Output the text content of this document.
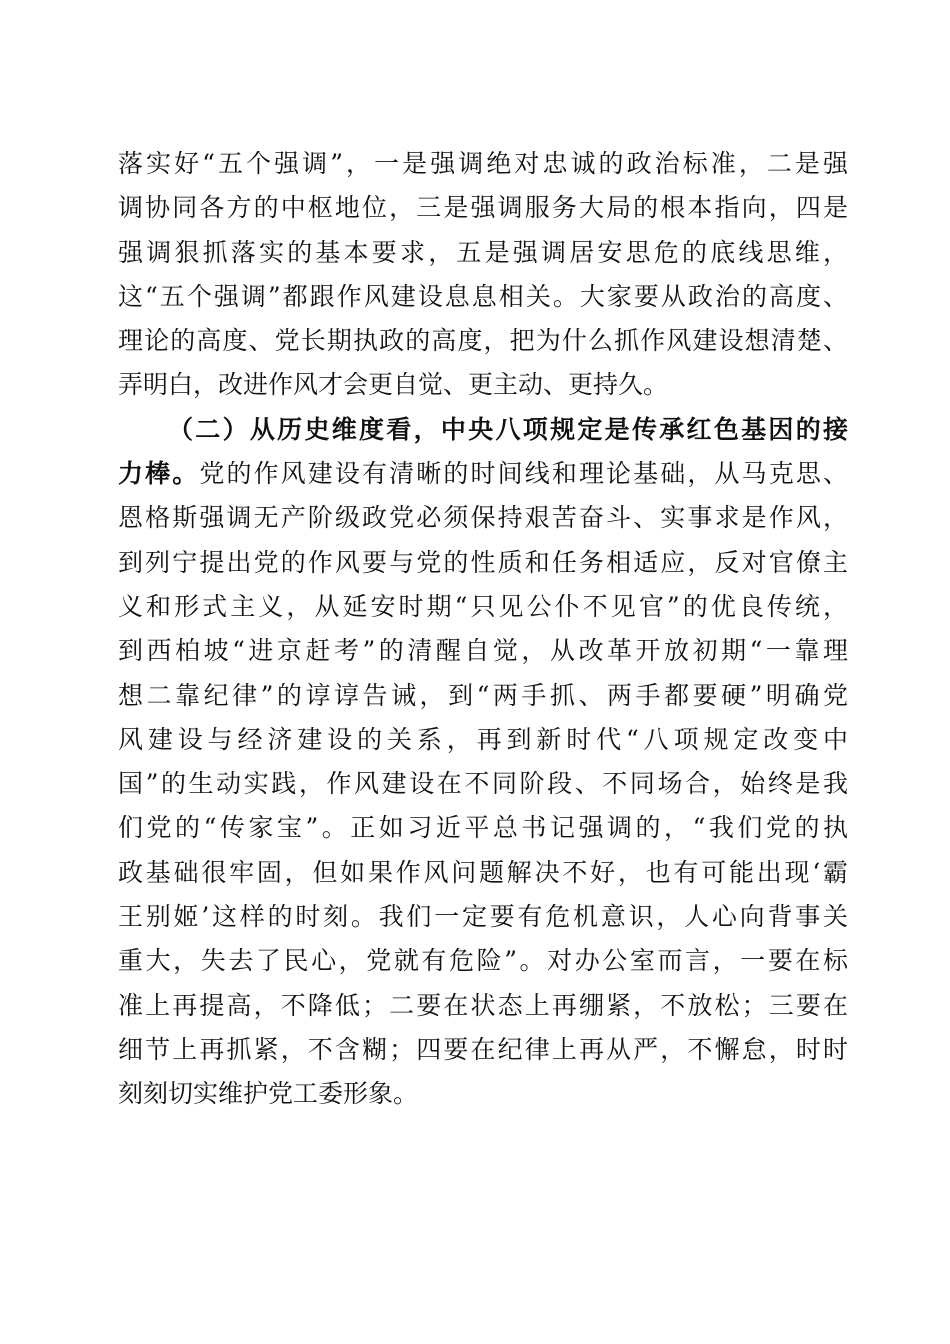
落实好“五个强调”，一是强调绝对忠诚的政治标准，二是强
调协同各方的中枢地位，三是强调服务大局的根本指向，四是
强调狠抓落实的基本要求，五是强调居安思危的底线思维，
这“五个强调”都跟作风建设息息相关。大家要从政治的高度、
理论的高度、党长期执政的高度，把为什么抓作风建设想清楚、
弄明白，改进作风才会更自觉、更主动、更持久。
（二）从历史维度看，中央八项规定是传承红色基因的接
力棒。党的作风建设有清晰的时间线和理论基础，从马克思、
恩格斯强调无产阶级政党必须保持艰苦奋斗、实事求是作风，
到列宁提出党的作风要与党的性质和任务相适应，反对官僚主
义和形式主义，从延安时期“只见公仆不见官”的优良传统，
到西柏坡“进京赶考”的清醒自觉，从改革开放初期“一靠理
想二靠纪律”的谆谆告诫，到“两手抓、两手都要硬”明确党
风建设与经济建设的关系，再到新时代“八项规定改变中
国”的生动实践，作风建设在不同阶段、不同场合，始终是我
们党的“传家宝”。正如习近平总书记强调的，“我们党的执
政基础很牢固，但如果作风问题解决不好，也有可能出现‘霸
王别姬’这样的时刻。我们一定要有危机意识，人心向背事关
重大，失去了民心，党就有危险”。对办公室而言，一要在标
准上再提高，不降低；二要在状态上再绷紧，不放松；三要在
细节上再抓紧，不含糊；四要在纪律上再从严，不懈怠，时时
刻刻切实维护党工委形象。
